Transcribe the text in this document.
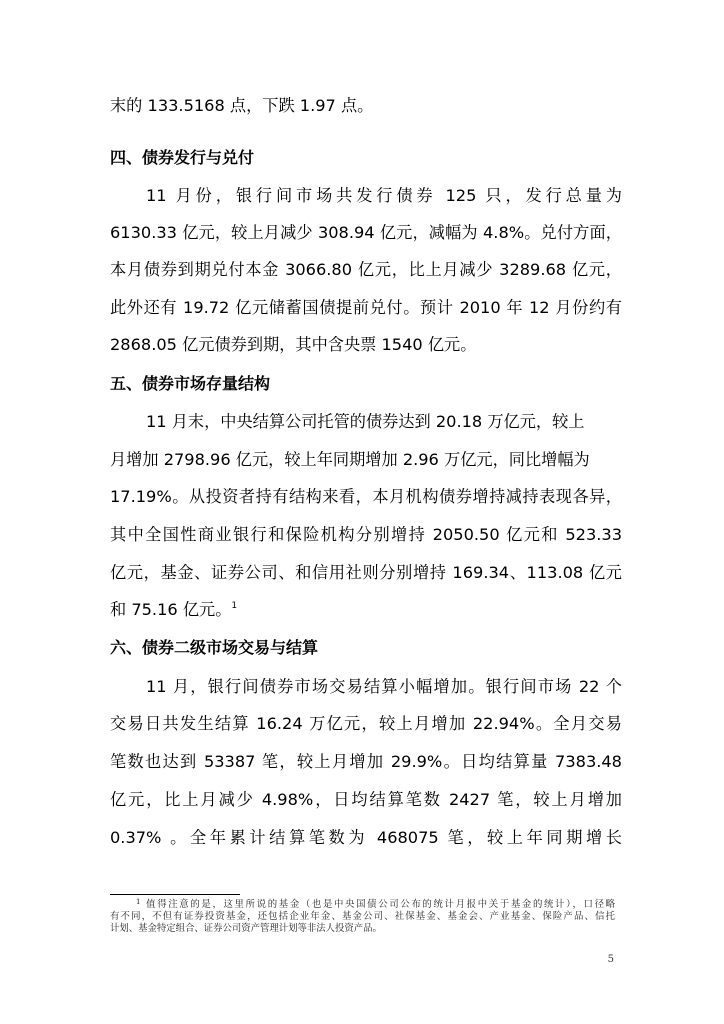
末的 133.5168 点，下跌 1.97 点。
四、债券发行与兑付
11 月份，银行间市场共发行债券 125 只，发行总量为
6130.33 亿元，较上月减少 308.94 亿元，减幅为 4.8%。兑付方面，
本月债券到期兑付本金 3066.80 亿元，比上月减少 3289.68 亿元，
此外还有 19.72 亿元储蓄国债提前兑付。预计 2010 年 12 月份约有
2868.05 亿元债券到期，其中含央票 1540 亿元。
五、债券市场存量结构
11 月末，中央结算公司托管的债券达到 20.18 万亿元，较上
月增加 2798.96 亿元，较上年同期增加 2.96 万亿元，同比增幅为
17.19%。从投资者持有结构来看，本月机构债券增持减持表现各异，
其中全国性商业银行和保险机构分别增持 2050.50 亿元和 523.33
亿元，基金、证券公司、和信用社则分别增持 169.34、113.08 亿元
和 75.16 亿元。$^1$
六、债券二级市场交易与结算
11 月，银行间债券市场交易结算小幅增加。银行间市场 22 个
交易日共发生结算 16.24 万亿元，较上月增加 22.94%。全月交易
笔数也达到 53387 笔，较上月增加 29.9%。日均结算量 7383.48
亿元，比上月减少 4.98%，日均结算笔数 2427 笔，较上月增加
0.37% 。全年累计结算笔数为 468075 笔，较上年同期增长
$^1$ 值得注意的是，这里所说的基金（也是中央国债公司公布的统计月报中关于基金的统计），口径略
有不同，不但有证券投资基金，还包括企业年金、基金公司、社保基金、基金会、产业基金、保险产品、信托
计划、基金特定组合、证券公司资产管理计划等非法人投资产品。
5
